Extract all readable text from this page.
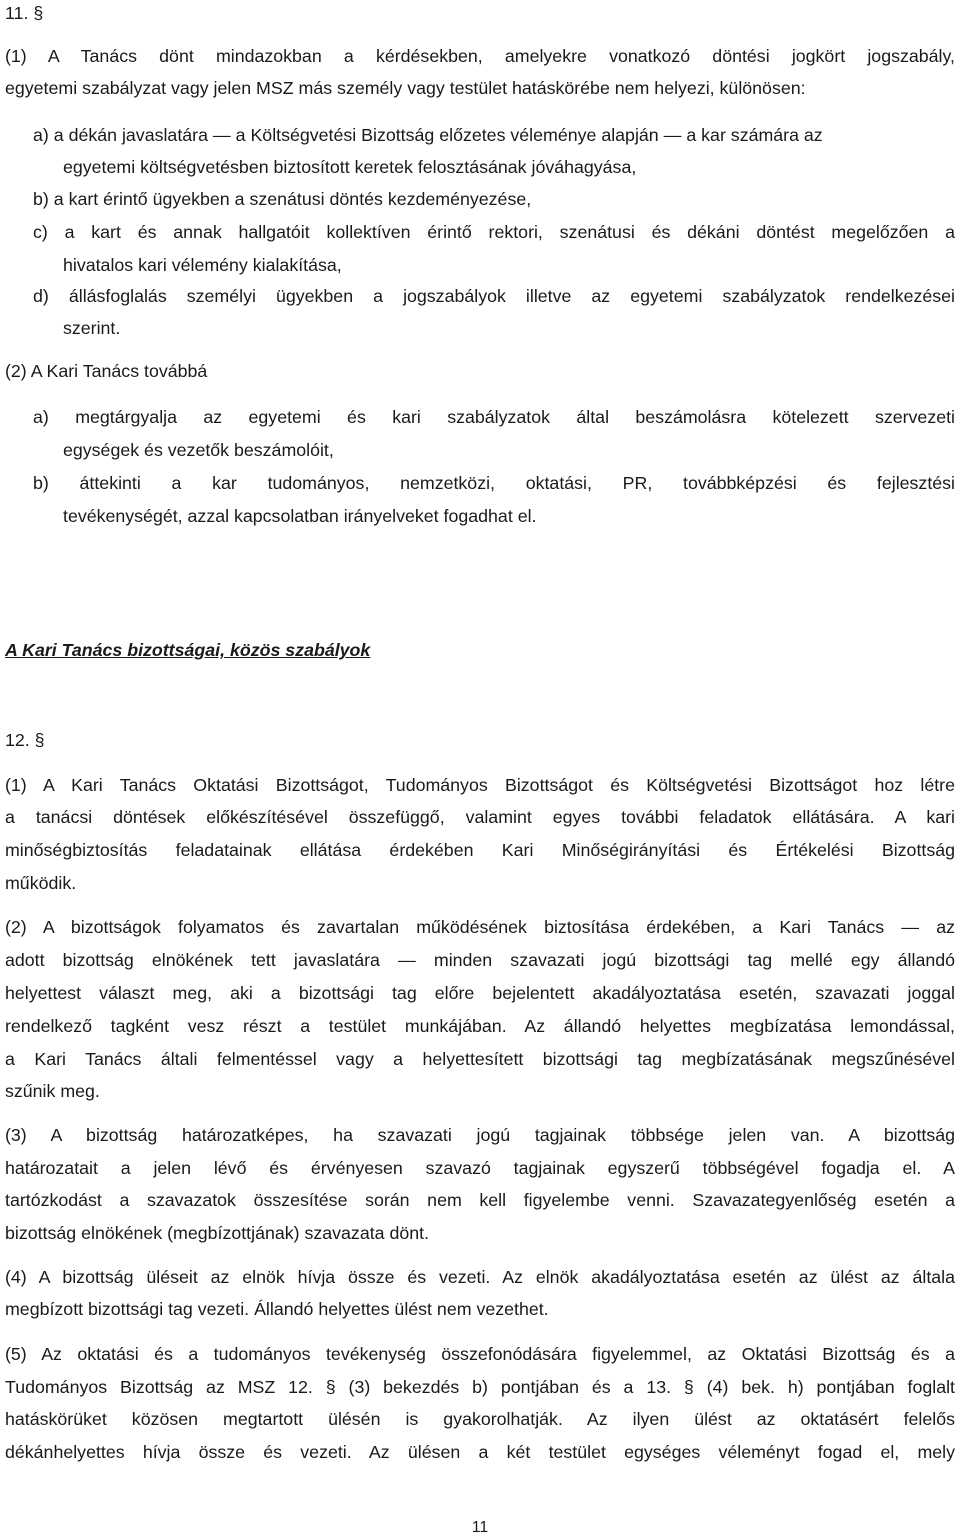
11. §
(1) A Tanács dönt mindazokban a kérdésekben, amelyekre vonatkozó döntési jogkört jogszabály,
egyetemi szabályzat vagy jelen MSZ más személy vagy testület hatáskörébe nem helyezi, különösen:
a) a dékán javaslatára — a Költségvetési Bizottság előzetes véleménye alapján — a kar számára az
egyetemi költségvetésben biztosított keretek felosztásának jóváhagyása,
b) a kart érintő ügyekben a szenátusi döntés kezdeményezése,
c) a kart és annak hallgatóit kollektíven érintő rektori, szenátusi és dékáni döntést megelőzően a
hivatalos kari vélemény kialakítása,
d) állásfoglalás személyi ügyekben a jogszabályok illetve az egyetemi szabályzatok rendelkezései
szerint.
(2) A Kari Tanács továbbá
a) megtárgyalja az egyetemi és kari szabályzatok által beszámolásra kötelezett szervezeti
egységek és vezetők beszámolóit,
b) áttekinti a kar tudományos, nemzetközi, oktatási, PR, továbbképzési és fejlesztési
tevékenységét, azzal kapcsolatban irányelveket fogadhat el.
A Kari Tanács bizottságai, közös szabályok
12. §
(1) A Kari Tanács Oktatási Bizottságot, Tudományos Bizottságot és Költségvetési Bizottságot hoz létre
a tanácsi döntések előkészítésével összefüggő, valamint egyes további feladatok ellátására. A kari
minőségbiztosítás feladatainak ellátása érdekében Kari Minőségirányítási és Értékelési Bizottság
működik.
(2) A bizottságok folyamatos és zavartalan működésének biztosítása érdekében, a Kari Tanács — az
adott bizottság elnökének tett javaslatára — minden szavazati jogú bizottsági tag mellé egy állandó
helyettest választ meg, aki a bizottsági tag előre bejelentett akadályoztatása esetén, szavazati joggal
rendelkező tagként vesz részt a testület munkájában. Az állandó helyettes megbízatása lemondással,
a Kari Tanács általi felmentéssel vagy a helyettesített bizottsági tag megbízatásának megszűnésével
szűnik meg.
(3) A bizottság határozatképes, ha szavazati jogú tagjainak többsége jelen van. A bizottság
határozatait a jelen lévő és érvényesen szavazó tagjainak egyszerű többségével fogadja el. A
tartózkodást a szavazatok összesítése során nem kell figyelembe venni. Szavazategyenlőség esetén a
bizottság elnökének (megbízottjának) szavazata dönt.
(4) A bizottság üléseit az elnök hívja össze és vezeti. Az elnök akadályoztatása esetén az ülést az általa
megbízott bizottsági tag vezeti. Állandó helyettes ülést nem vezethet.
(5) Az oktatási és a tudományos tevékenység összefonódására figyelemmel, az Oktatási Bizottság és a
Tudományos Bizottság az MSZ 12. § (3) bekezdés b) pontjában és a 13. § (4) bek. h) pontjában foglalt
hatáskörüket közösen megtartott ülésén is gyakorolhatják. Az ilyen ülést az oktatásért felelős
dékánhelyettes hívja össze és vezeti. Az ülésen a két testület egységes véleményt fogad el, mely
11
